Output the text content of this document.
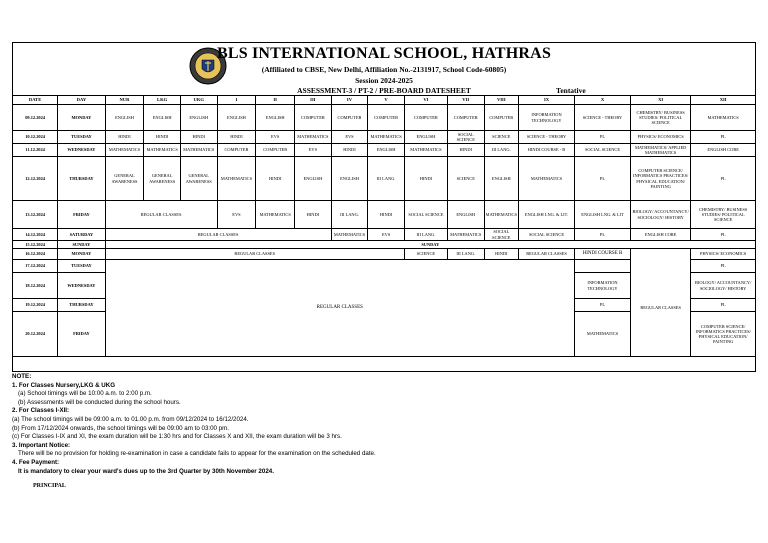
BLS INTERNATIONAL SCHOOL, HATHRAS
(Affiliated to CBSE, New Delhi, Affiliation No.-2131917, School Code-60805)
Session 2024-2025
ASSESSMENT-3 / PT-2 / PRE-BOARD DATESHEET	Tentative
DATE	DAY	NUR	LKG	UKG	I	II	III	IV	V	VI	VII	VIII	IX	X	XI	XII
09.12.2024	MONDAY	ENGLISH	ENGLISH	ENGLISH	ENGLISH	ENGLISH	COMPUTER	COMPUTER	COMPUTER	COMPUTER	COMPUTER	COMPUTER	INFORMATION TECHNOLOGY	SCIENCE - THEORY	CHEMISTRY/ BUSINESS STUDIES/ POLITICAL SCIENCE	MATHEMATICS
10.12.2024	TUESDAY	HINDI	HINDI	HINDI	HINDI	EVS	MATHEMATICS	EVS	MATHEMATICS	ENGLISH	SOCIAL SCIENCE	SCIENCE	SCIENCE - THEORY	PL	PHYSICS/ ECONOMICS	PL
11.12.2024	WEDNESDAY	MATHEMATICS	MATHEMATICS	MATHEMATICS	COMPUTER	COMPUTER	EVS	HINDI	ENGLISH	MATHEMATICS	HINDI	III LANG.	HINDI COURSE - B	SOCIAL SCIENCE	MATHEMATICS/ APPLIED MATHEMATICS	ENGLISH CORE
12.12.2024	THURSDAY	GENERAL AWARENESS	GENERAL AWARENESS	GENERAL AWARENESS	MATHEMATICS	HINDI	ENGLISH	ENGLISH	III LANG.	HINDI	SCIENCE	ENGLISH	MATHEMATICS	PL	COMPUTER SCIENCE/ INFORMATICS PRACTICES/ PHYSICAL EDUCATION/ PAINTING	PL
13.12.2024	FRIDAY	REGULAR CLASSES			EVS	MATHEMATICS	HINDI	III LANG.	HINDI	SOCIAL SCIENCE	ENGLISH	MATHEMATICS	ENGLISH LNG. & LIT.	ENGLISH LNG. & LIT	BIOLOGY/ ACCOUNTANCY/ SOCIOLOGY/ HISTORY	CHEMISTRY/ BUSINESS STUDIES/ POLITICAL SCIENCE
14.12.2024	SATURDAY	REGULAR CLASSES						MATHEMATICS	EVS	III LANG.	MATHEMATICS	SOCIAL SCIENCE	SOCIAL SCIENCE	PL	ENGLISH CORE	PL
15.12.2024	SUNDAY	SUNDAY														
16.12.2024	MONDAY	REGULAR CLASSES								SCIENCE	III LANG.	HINDI	REGULAR CLASSES	HINDI COURSE B		PHYSICS/ ECONOMICS
17.12.2024	TUESDAY	REGULAR CLASSES													REGULAR CLASSES	PL
18.12.2024	WEDNESDAY													INFORMATION TECHNOLOGY		BIOLOGY/ ACCOUNTANCY/ SOCIOLOGY/ HISTORY
19.12.2024	THURSDAY													PL		PL
20.12.2024	FRIDAY													MATHEMATICS		COMPUTER SCIENCE/ INFORMATICS PRACTICES/ PHYSICAL EDUCATION/ PAINTING
NOTE:
1. For Classes Nursery,LKG & UKG
(a) School timings will be 10:00 a.m. to 2:00 p.m.
(b) Assessments will be conducted during the school hours.
2. For Classes I-XII:
(a) The school timings will be 09:00 a.m. to 01.00 p.m. from 09/12/2024 to 16/12/2024.
(b) From 17/12/2024 onwards, the school timings will be 09:00 am to 03:00 pm.
(c) For Classes I-IX and XI, the exam duration will be 1:30 hrs and for Classes X and XII, the exam duration will be 3 hrs.
3. Important Notice:
There will be no provision for holding re-examination in case a candidate fails to appear for the examination on the scheduled date.
4. Fee Payment:
It is mandatory to clear your ward's dues up to the 3rd Quarter by 30th November 2024.
PRINCIPAL
